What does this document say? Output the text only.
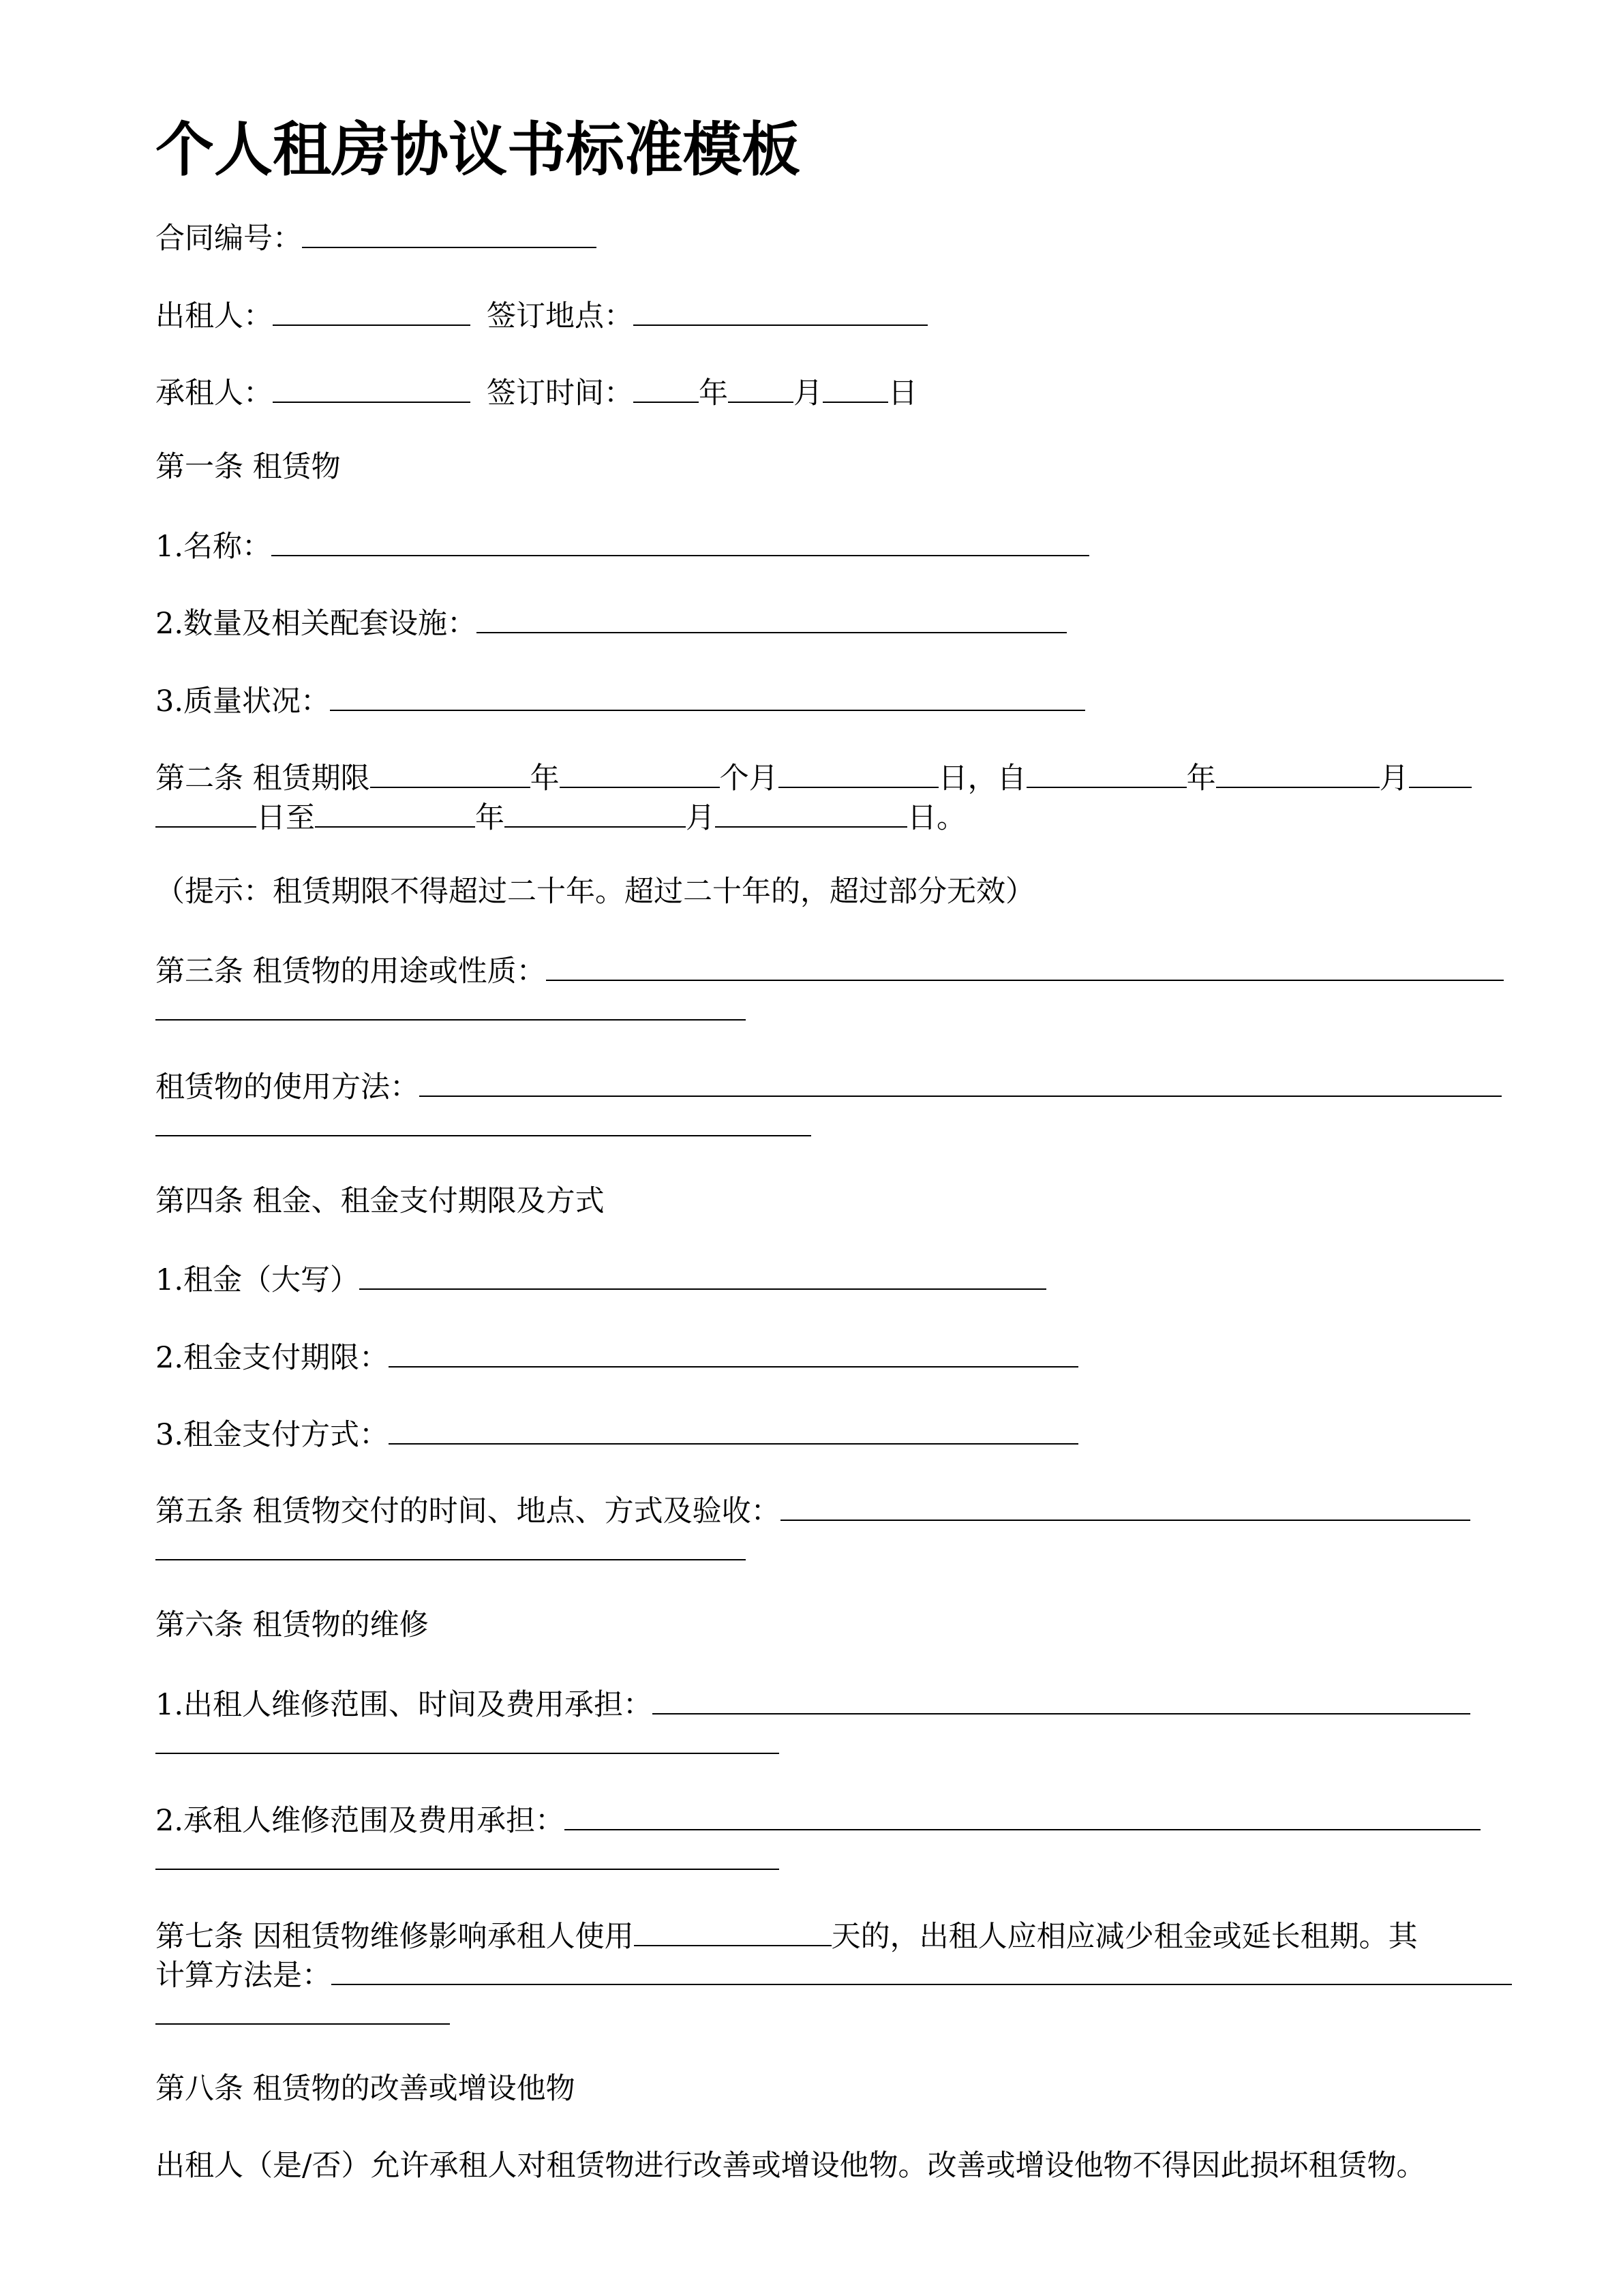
个人租房协议书标准模板
合同编号：
出租人：	签订地点：
承租人：	签订时间： 年 月 日
第一条 租赁物
1.名称：
2.数量及相关配套设施：
3.质量状况：
第二条 租赁期限	年	个月	日，自	年	月
日至	年	月	日。
（提示：租赁期限不得超过二十年。超过二十年的，超过部分无效）
第三条 租赁物的用途或性质：
租赁物的使用方法：
第四条 租金、租金支付期限及方式
1.租金（大写）
2.租金支付期限：
3.租金支付方式：
第五条 租赁物交付的时间、地点、方式及验收：
第六条 租赁物的维修
1.出租人维修范围、时间及费用承担：
2.承租人维修范围及费用承担：
第七条 因租赁物维修影响承租人使用	天的，出租人应相应减少租金或延长租期。其
计算方法是：
第八条 租赁物的改善或增设他物
出租人（是/否）允许承租人对租赁物进行改善或增设他物。改善或增设他物不得因此损坏租赁物。
